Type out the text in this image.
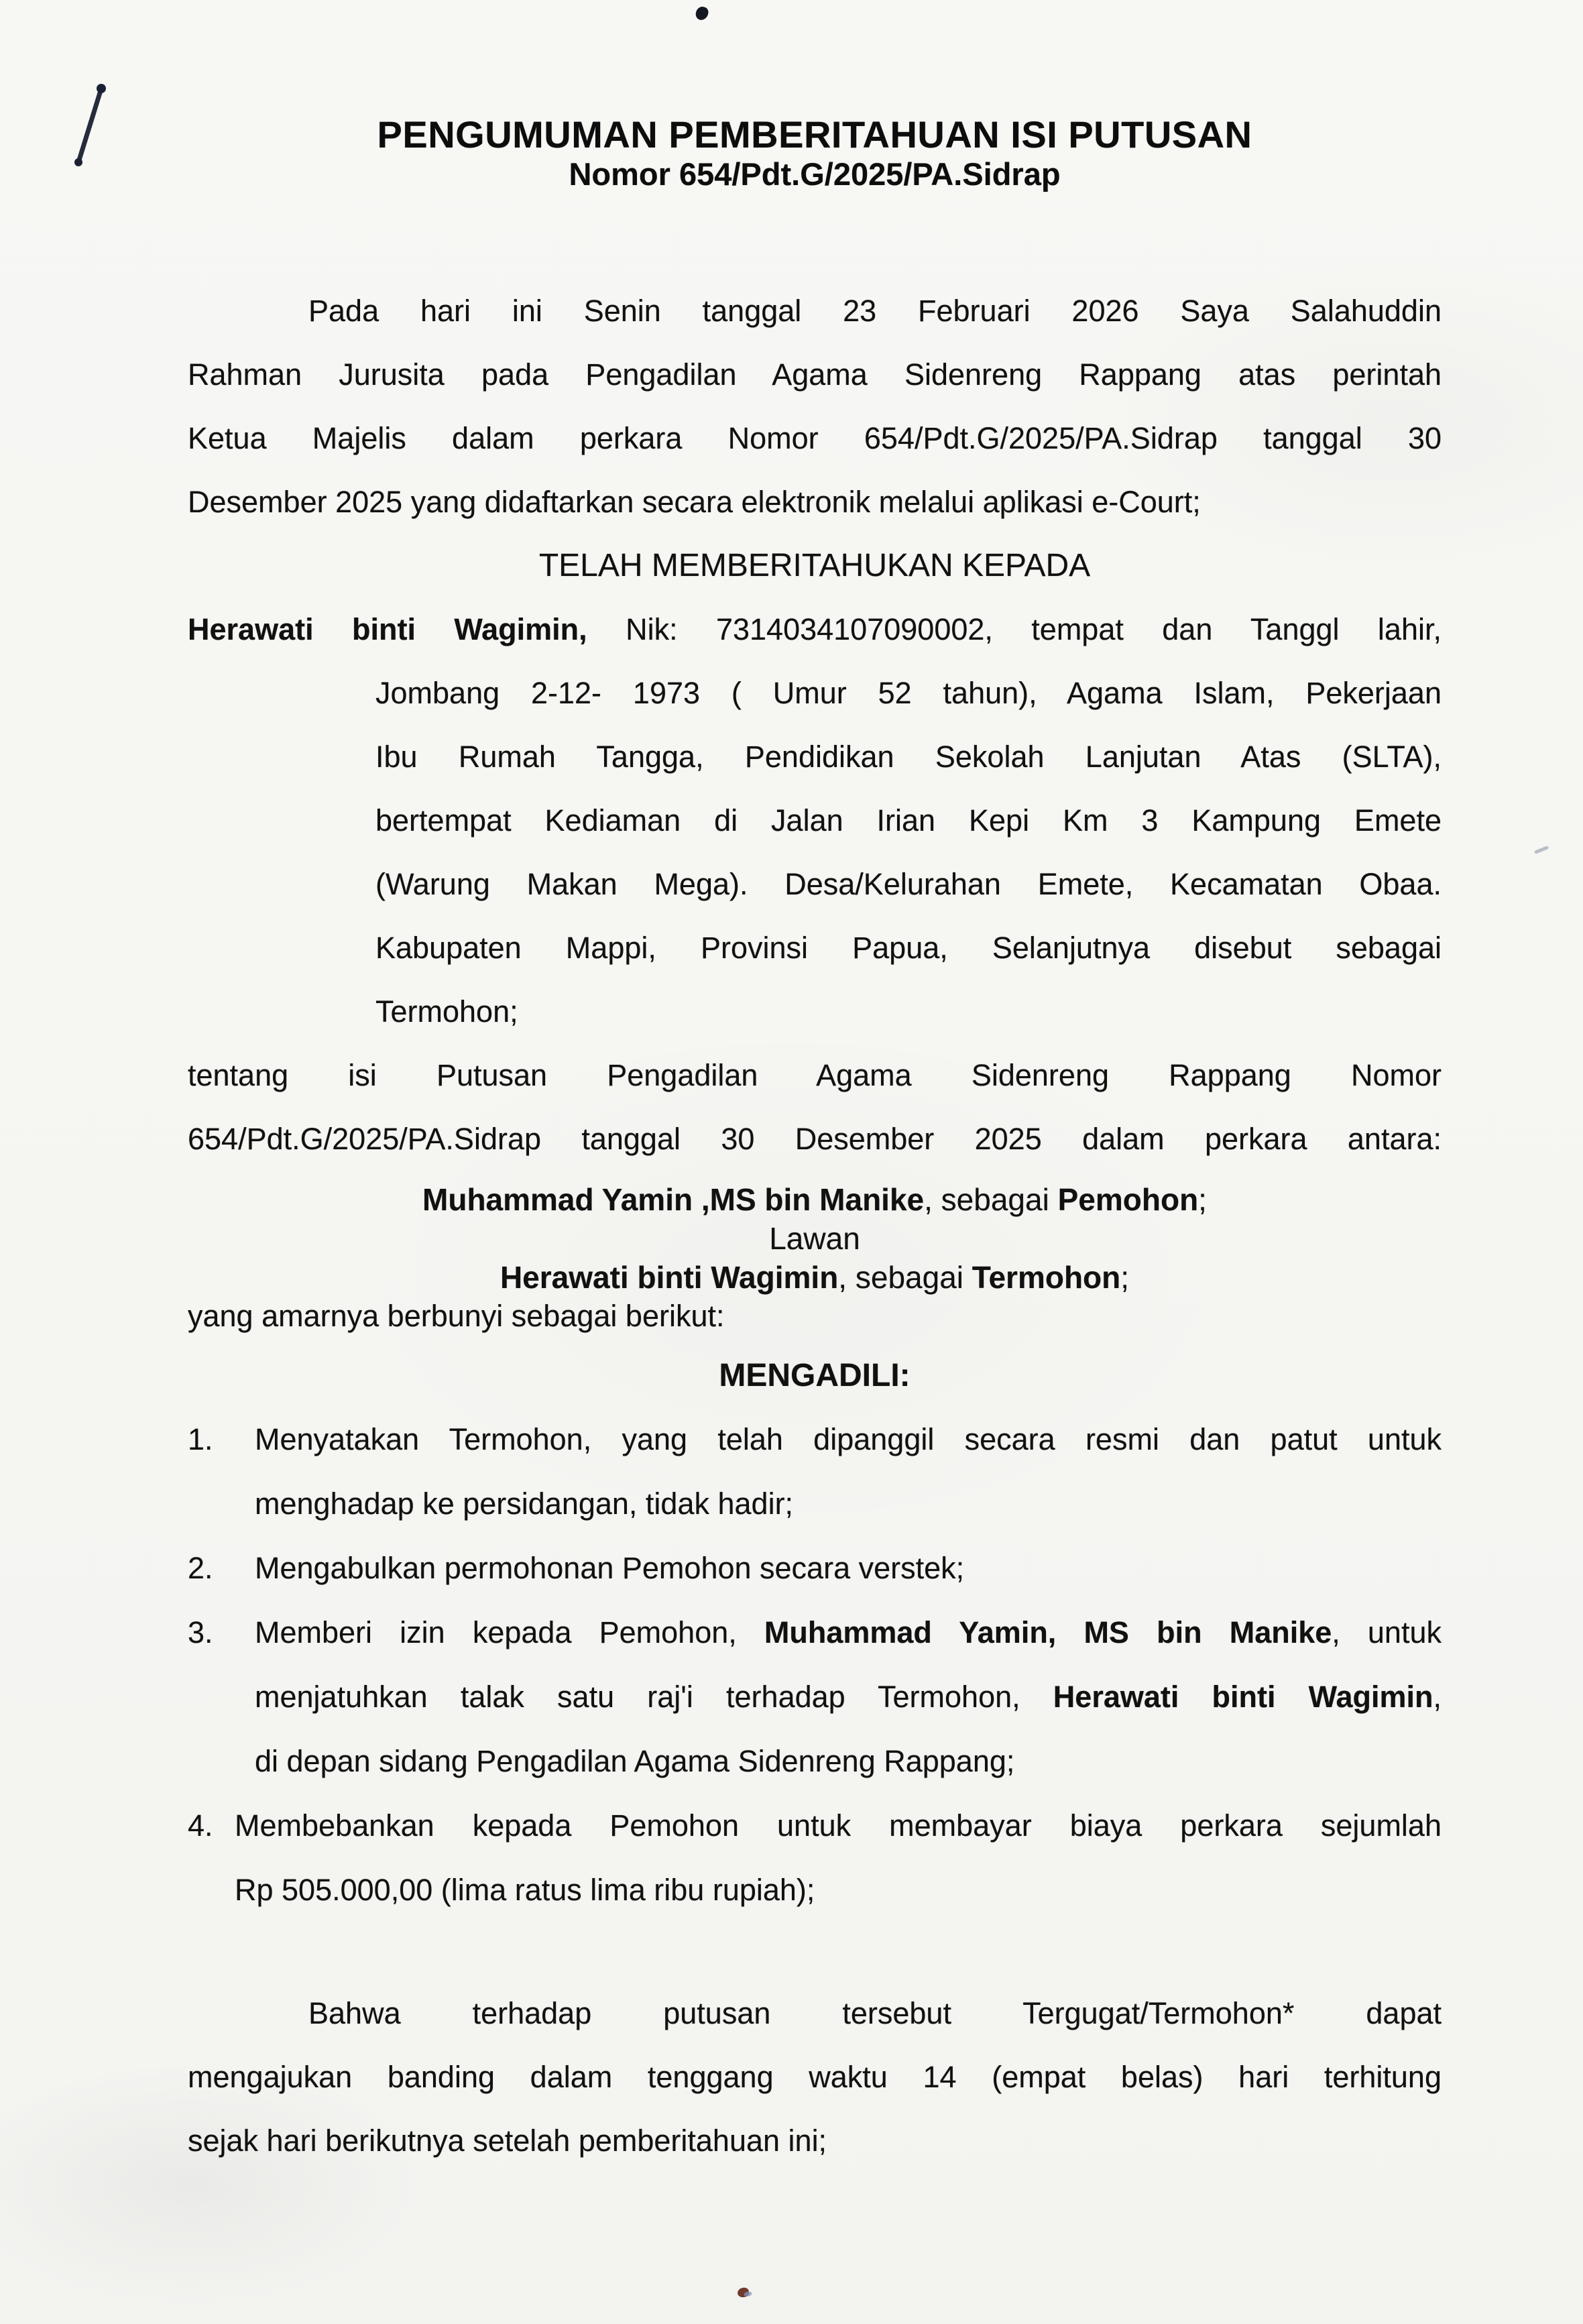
PENGUMUMAN PEMBERITAHUAN ISI PUTUSAN
Nomor 654/Pdt.G/2025/PA.Sidrap
Pada hari ini Senin tanggal 23 Februari 2026 Saya Salahuddin
Rahman Jurusita pada Pengadilan Agama Sidenreng Rappang atas perintah
Ketua Majelis dalam perkara Nomor 654/Pdt.G/2025/PA.Sidrap tanggal 30
Desember 2025 yang didaftarkan secara elektronik melalui aplikasi e-Court;
TELAH MEMBERITAHUKAN KEPADA
Herawati binti Wagimin, Nik: 7314034107090002, tempat dan Tanggl lahir,
Jombang 2-12- 1973 ( Umur 52 tahun), Agama Islam, Pekerjaan
Ibu Rumah Tangga, Pendidikan Sekolah Lanjutan Atas (SLTA),
bertempat Kediaman di Jalan Irian Kepi Km 3 Kampung Emete
(Warung Makan Mega). Desa/Kelurahan Emete, Kecamatan Obaa.
Kabupaten Mappi, Provinsi Papua, Selanjutnya disebut sebagai
Termohon;
tentang isi Putusan Pengadilan Agama Sidenreng Rappang Nomor
654/Pdt.G/2025/PA.Sidrap tanggal 30 Desember 2025 dalam perkara antara:
Muhammad Yamin ,MS bin Manike, sebagai Pemohon;
Lawan
Herawati binti Wagimin, sebagai Termohon;
yang amarnya berbunyi sebagai berikut:
MENGADILI:
1.	Menyatakan Termohon, yang telah dipanggil secara resmi dan patut untuk
menghadap ke persidangan, tidak hadir;
2.	Mengabulkan permohonan Pemohon secara verstek;
3.	Memberi izin kepada Pemohon, Muhammad Yamin, MS bin Manike, untuk
menjatuhkan talak satu raj'i terhadap Termohon, Herawati binti Wagimin,
di depan sidang Pengadilan Agama Sidenreng Rappang;
4. Membebankan kepada Pemohon untuk membayar biaya perkara sejumlah
Rp 505.000,00 (lima ratus lima ribu rupiah);
Bahwa terhadap putusan tersebut Tergugat/Termohon* dapat
mengajukan banding dalam tenggang waktu 14 (empat belas) hari terhitung
sejak hari berikutnya setelah pemberitahuan ini;
